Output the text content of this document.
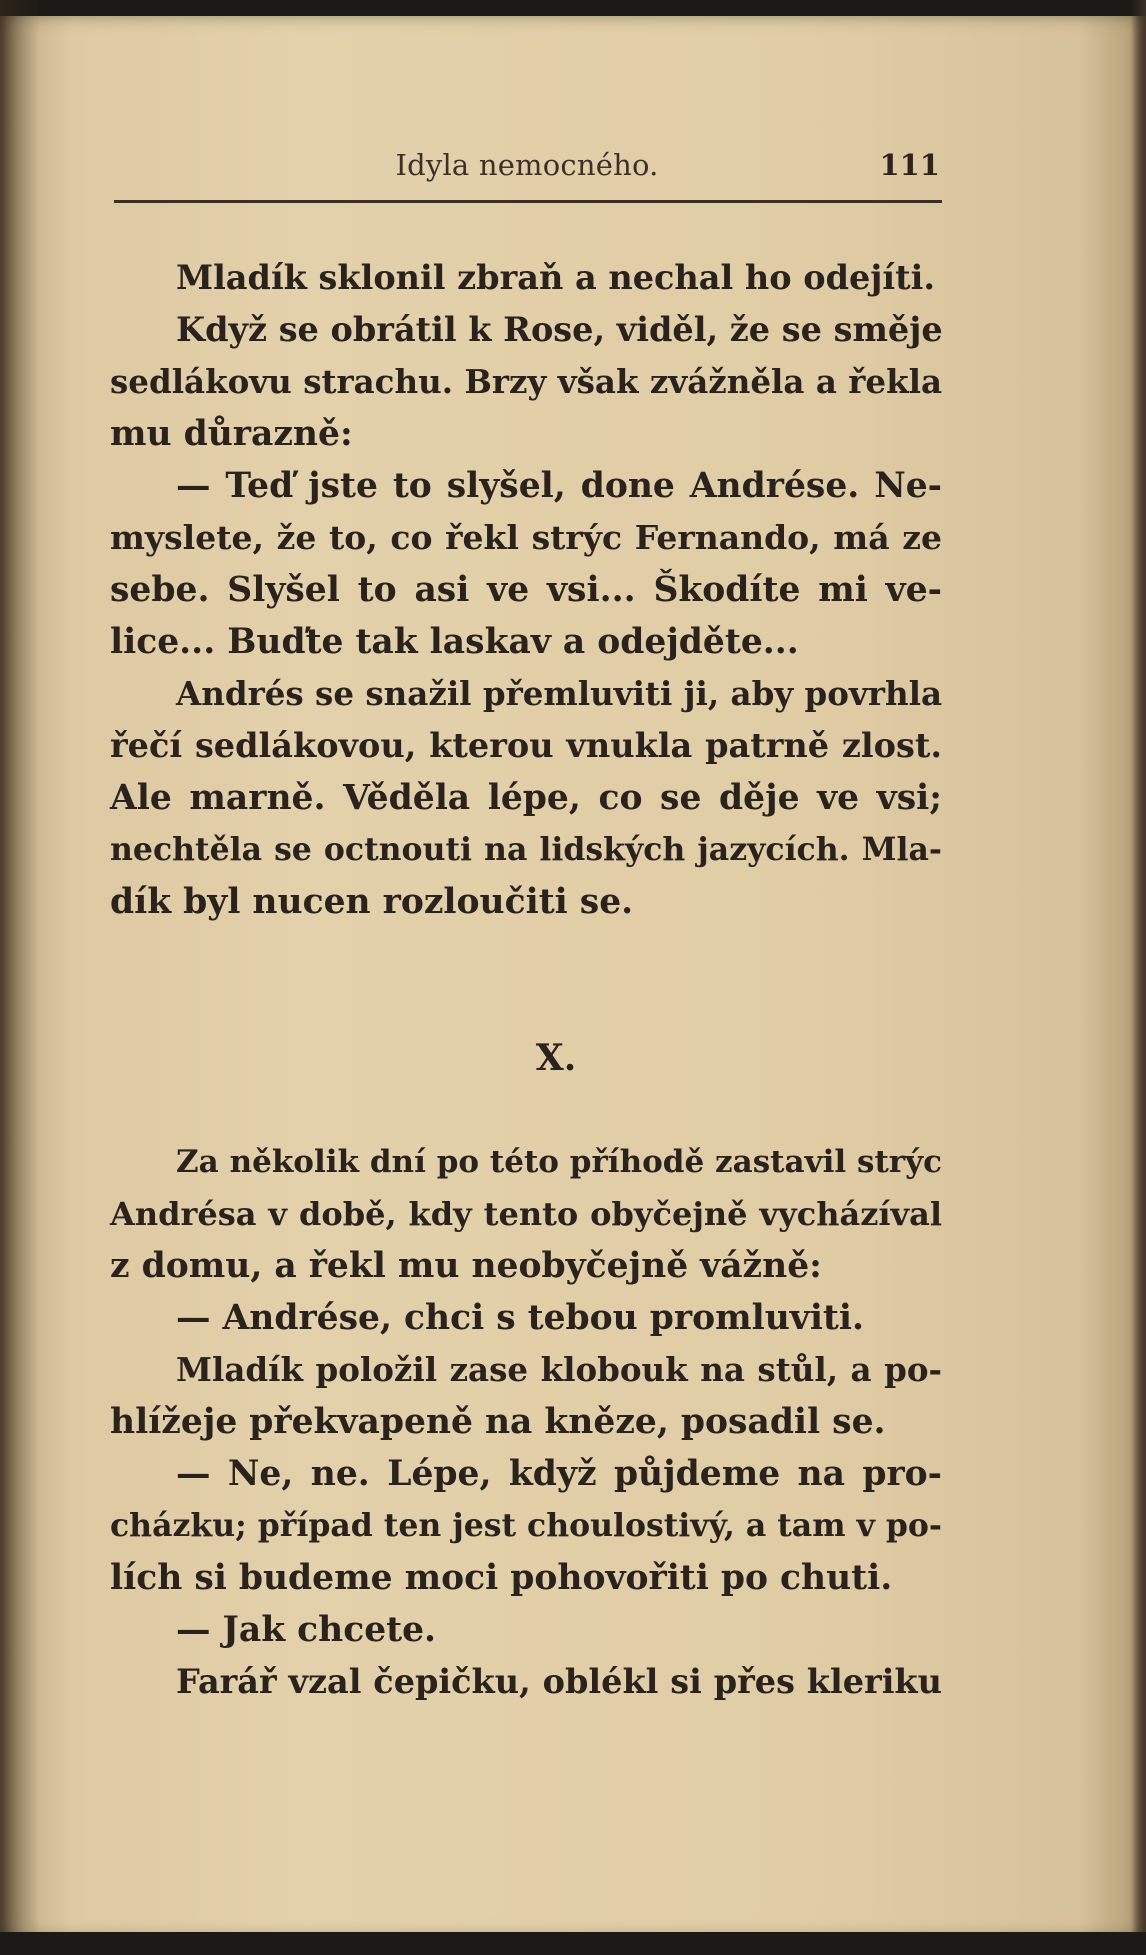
Idyla nemocného.	111
Mladík sklonil zbraň a nechal ho odejíti.
Když se obrátil k Rose, viděl, že se směje
sedlákovu strachu. Brzy však zvážněla a řekla
mu důrazně:
— Teď jste to slyšel, done Andrése. Ne-
myslete, že to, co řekl strýc Fernando, má ze
sebe. Slyšel to asi ve vsi... Škodíte mi ve-
lice... Buďte tak laskav a odejděte...
Andrés se snažil přemluviti ji, aby povrhla
řečí sedlákovou, kterou vnukla patrně zlost.
Ale marně. Věděla lépe, co se děje ve vsi;
nechtěla se octnouti na lidských jazycích. Mla-
dík byl nucen rozloučiti se.
X.
Za několik dní po této příhodě zastavil strýc
Andrésa v době, kdy tento obyčejně vycházíval
z domu, a řekl mu neobyčejně vážně:
— Andrése, chci s tebou promluviti.
Mladík položil zase klobouk na stůl, a po-
hlížeje překvapeně na kněze, posadil se.
— Ne, ne. Lépe, když půjdeme na pro-
cházku; případ ten jest choulostivý, a tam v po-
lích si budeme moci pohovořiti po chuti.
— Jak chcete.
Farář vzal čepičku, oblékl si přes kleriku
